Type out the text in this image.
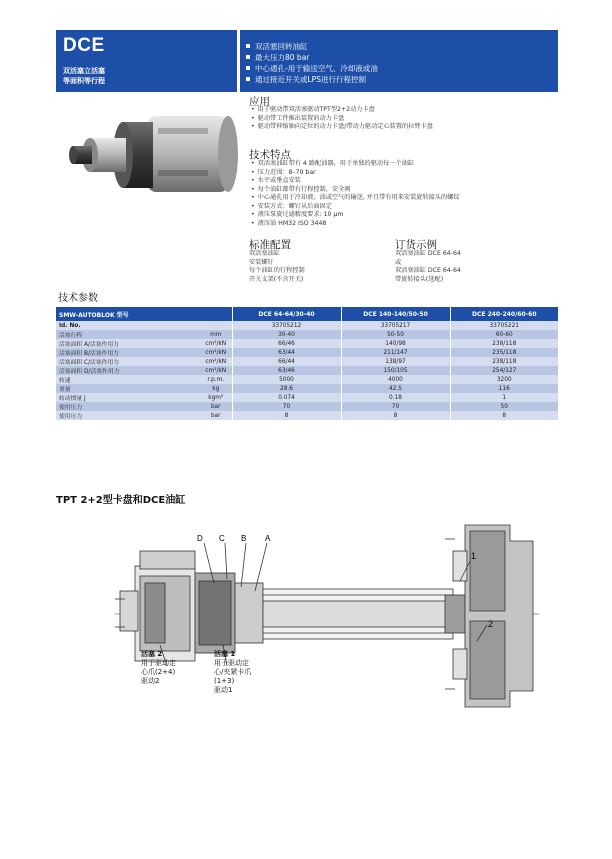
DCE
双活塞立活塞
等面积等行程
双活塞回转油缸
最大压力80 bar
中心通孔-用于输送空气、冷却液或油
通过接近开关或LPS进行行程控制
应用
• 用于驱动带双活塞驱动TPT型2+2动力卡盘
• 驱动带工件推出装置的动力卡盘
• 驱动带伸缩轴向定位的动力卡盘/带动力驱动定心装置的拉臂卡盘
技术特点
• 双活塞油缸带有 4 路配油器，用于单独的驱动每一个油缸
• 压力范围：8–70 bar
• 水平或垂直安装
• 每个油缸都带有行程控制，安全阀
• 中心通孔用于冷却液、油或空气的输送, 并且带有用来安装旋转接头的螺纹
• 安装方式：螺钉从后面固定
• 液压泵旋过滤精度要求: 10 μm
• 液压油 HM32 ISO 3448
标准配置
双活塞油缸
安装螺钉
每个油缸的行程控制
开关支架(不含开关)
订货示例
双活塞油缸 DCE 64-64
或
双活塞油缸 DCE 64-64
带旋转接头(选配)
技术参数
SMW-AUTOBLOK 型号		DCE 64-64/30-40	DCE 140-140/50-50	DCE 240-240/60-60
Id. No.		33705212	33705217	33705221
活塞行程	mm	30-40	50-50	60-60
活塞面积 A/活塞作用力	cm²/kN	66/46	140/98	238/118
活塞面积 B/活塞作用力	cm²/kN	63/44	211/147	235/118
活塞面积 C/活塞作用力	cm²/kN	66/44	138/97	238/118
活塞面积 D/活塞作用力	cm²/kN	63/46	150/105	254/127
转速	r.p.m.	5000	4000	3200
重量	kg	28.6	42.5	116
转动惯量 J	kgm²	0.074	0.18	1
使用压力	bar	70	70	50
使用压力	bar	8	8	8
TPT 2+2型卡盘和DCE油缸
D C B A
1
2
活塞 2
用于驱动定
心爪(2+4)
驱动2
活塞 1
用于驱动定
心/夹紧卡爪
(1+3)
驱动1
